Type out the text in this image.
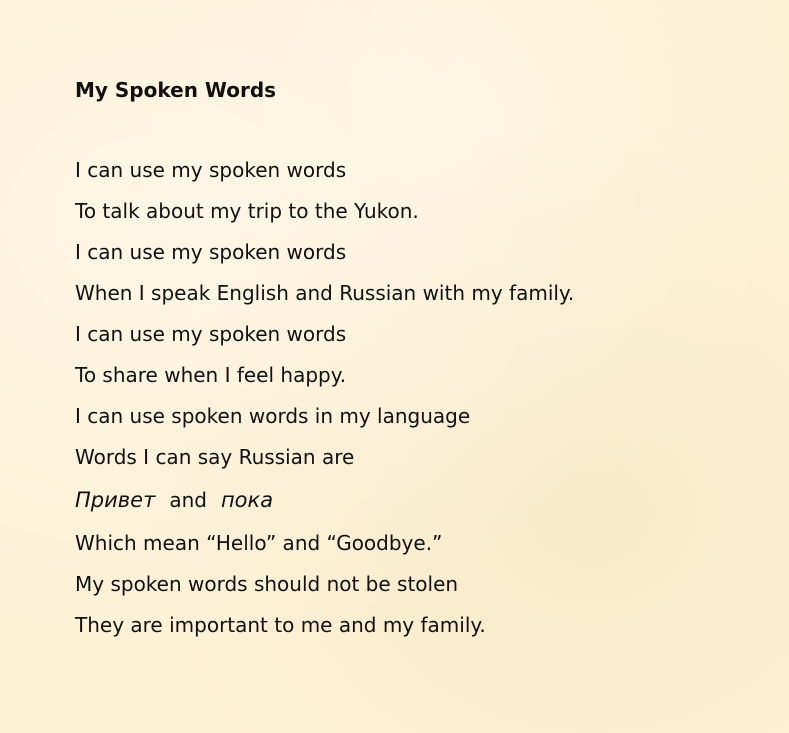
My Spoken Words
I can use my spoken words
To talk about my trip to the Yukon.
I can use my spoken words
When I speak English and Russian with my family.
I can use my spoken words
To share when I feel happy.
I can use spoken words in my language
Words I can say Russian are
Привет and пока
Which mean “Hello” and “Goodbye.”
My spoken words should not be stolen
They are important to me and my family.
